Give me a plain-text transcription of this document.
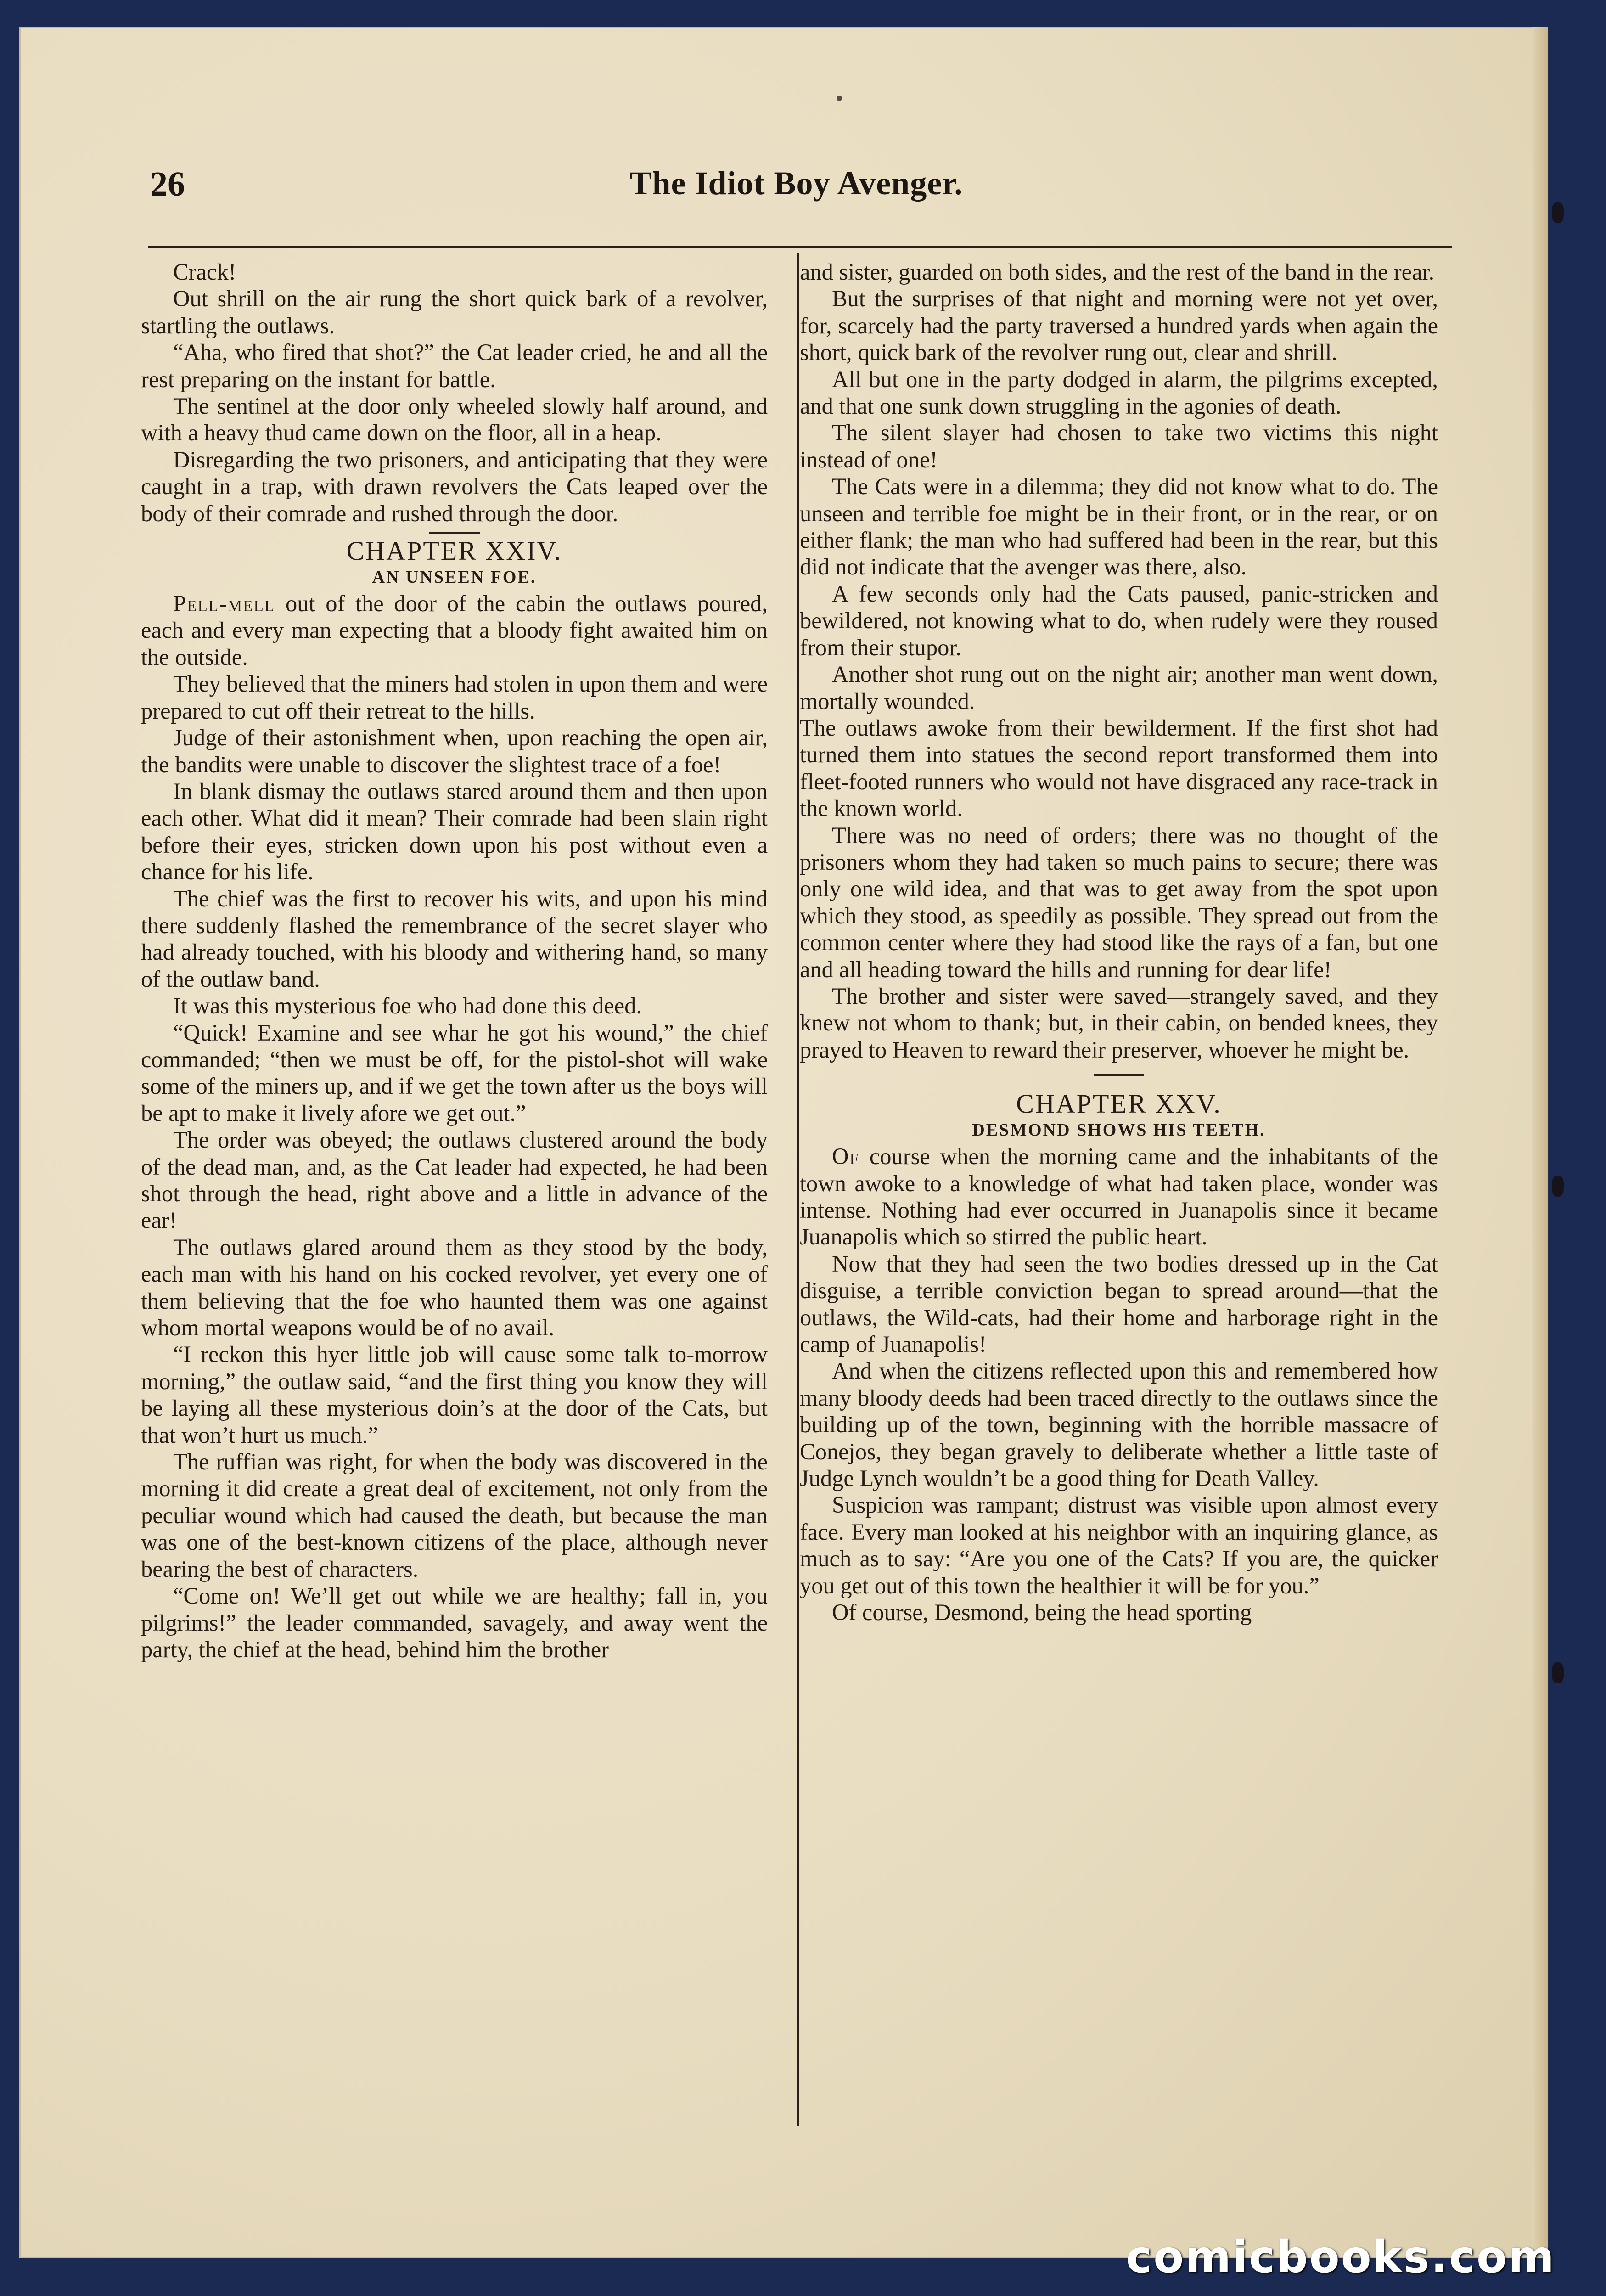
The Idiot Boy Avenger.
26

Crack!

Out shrill on the air rung the short quick bark of a revolver, startling the outlaws.

“Aha, who fired that shot?” the Cat leader cried, he and all the rest preparing on the instant for battle.

The sentinel at the door only wheeled slowly half around, and with a heavy thud came down on the floor, all in a heap.

Disregarding the two prisoners, and anticipating that they were caught in a trap, with drawn revolvers the Cats leaped over the body of their comrade and rushed through the door.

CHAPTER XXIV.
AN UNSEEN FOE.

Pell-mell out of the door of the cabin the outlaws poured, each and every man expecting that a bloody fight awaited him on the outside.

They believed that the miners had stolen in upon them and were prepared to cut off their retreat to the hills.

Judge of their astonishment when, upon reaching the open air, the bandits were unable to discover the slightest trace of a foe!

In blank dismay the outlaws stared around them and then upon each other. What did it mean? Their comrade had been slain right before their eyes, stricken down upon his post without even a chance for his life.

The chief was the first to recover his wits, and upon his mind there suddenly flashed the remembrance of the secret slayer who had already touched, with his bloody and withering hand, so many of the outlaw band.

It was this mysterious foe who had done this deed.

“Quick! Examine and see whar he got his wound,” the chief commanded; “then we must be off, for the pistol-shot will wake some of the miners up, and if we get the town after us the boys will be apt to make it lively afore we get out.”

The order was obeyed; the outlaws clustered around the body of the dead man, and, as the Cat leader had expected, he had been shot through the head, right above and a little in advance of the ear!

The outlaws glared around them as they stood by the body, each man with his hand on his cocked revolver, yet every one of them believing that the foe who haunted them was one against whom mortal weapons would be of no avail.

“I reckon this hyer little job will cause some talk to-morrow morning,” the outlaw said, “and the first thing you know they will be laying all these mysterious doin’s at the door of the Cats, but that won’t hurt us much.”

The ruffian was right, for when the body was discovered in the morning it did create a great deal of excitement, not only from the peculiar wound which had caused the death, but because the man was one of the best-known citizens of the place, although never bearing the best of characters.

“Come on! We’ll get out while we are healthy; fall in, you pilgrims!” the leader commanded, savagely, and away went the party, the chief at the head, behind him the brother

and sister, guarded on both sides, and the rest of the band in the rear.

But the surprises of that night and morning were not yet over, for, scarcely had the party traversed a hundred yards when again the short, quick bark of the revolver rung out, clear and shrill.

All but one in the party dodged in alarm, the pilgrims excepted, and that one sunk down struggling in the agonies of death.

The silent slayer had chosen to take two victims this night instead of one!

The Cats were in a dilemma; they did not know what to do. The unseen and terrible foe might be in their front, or in the rear, or on either flank; the man who had suffered had been in the rear, but this did not indicate that the avenger was there, also.

A few seconds only had the Cats paused, panic-stricken and bewildered, not knowing what to do, when rudely were they roused from their stupor.

Another shot rung out on the night air; another man went down, mortally wounded.

The outlaws awoke from their bewilderment. If the first shot had turned them into statues the second report transformed them into fleet-footed runners who would not have disgraced any race-track in the known world.

There was no need of orders; there was no thought of the prisoners whom they had taken so much pains to secure; there was only one wild idea, and that was to get away from the spot upon which they stood, as speedily as possible. They spread out from the common center where they had stood like the rays of a fan, but one and all heading toward the hills and running for dear life!

The brother and sister were saved—strangely saved, and they knew not whom to thank; but, in their cabin, on bended knees, they prayed to Heaven to reward their preserver, whoever he might be.

CHAPTER XXV.
DESMOND SHOWS HIS TEETH.

Of course when the morning came and the inhabitants of the town awoke to a knowledge of what had taken place, wonder was intense. Nothing had ever occurred in Juanapolis since it became Juanapolis which so stirred the public heart.

Now that they had seen the two bodies dressed up in the Cat disguise, a terrible conviction began to spread around—that the outlaws, the Wild-cats, had their home and harborage right in the camp of Juanapolis!

And when the citizens reflected upon this and remembered how many bloody deeds had been traced directly to the outlaws since the building up of the town, beginning with the horrible massacre of Conejos, they began gravely to deliberate whether a little taste of Judge Lynch wouldn’t be a good thing for Death Valley.

Suspicion was rampant; distrust was visible upon almost every face. Every man looked at his neighbor with an inquiring glance, as much as to say: “Are you one of the Cats? If you are, the quicker you get out of this town the healthier it will be for you.”

Of course, Desmond, being the head sporting

comicbooks.com
